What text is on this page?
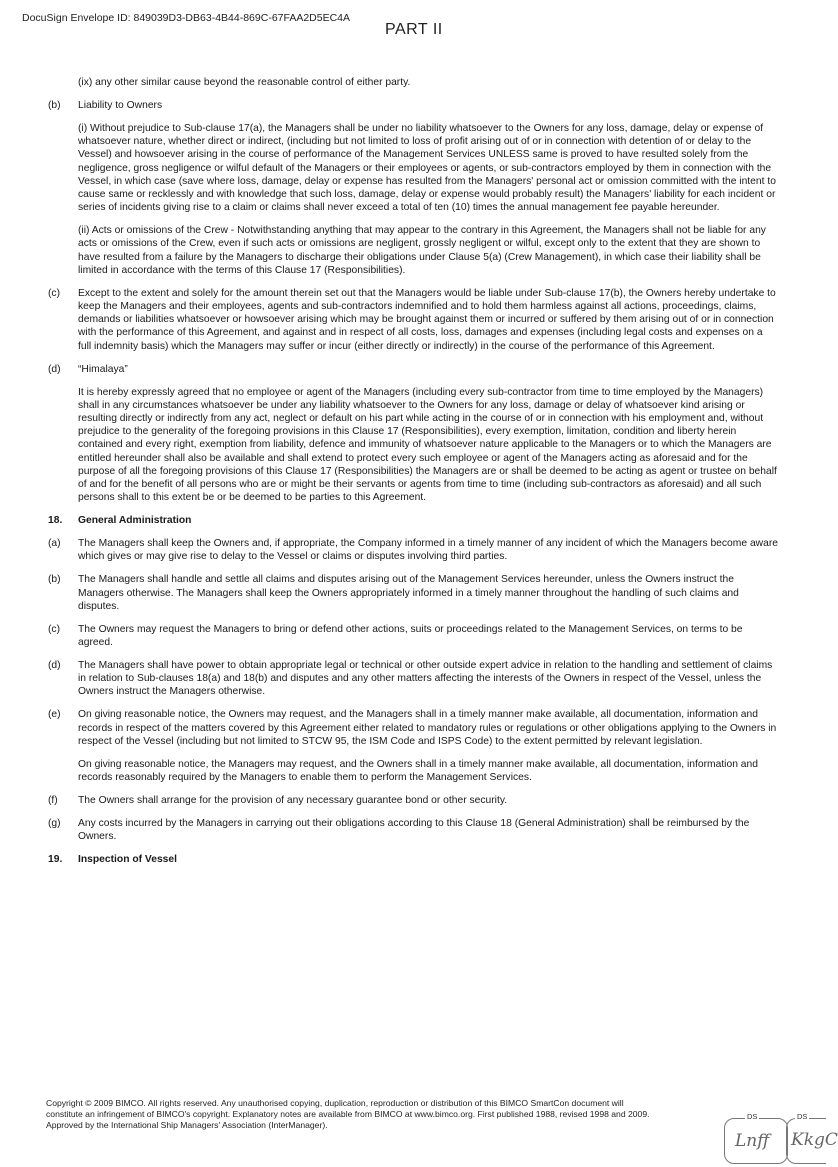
DocuSign Envelope ID: 849039D3-DB63-4B44-869C-67FAA2D5EC4A
PART II
(ix) any other similar cause beyond the reasonable control of either party.
(b)	Liability to Owners
(i) Without prejudice to Sub-clause 17(a), the Managers shall be under no liability whatsoever to the Owners for any loss, damage, delay or expense of whatsoever nature, whether direct or indirect, (including but not limited to loss of profit arising out of or in connection with detention of or delay to the Vessel) and howsoever arising in the course of performance of the Management Services UNLESS same is proved to have resulted solely from the negligence, gross negligence or wilful default of the Managers or their employees or agents, or sub-contractors employed by them in connection with the Vessel, in which case (save where loss, damage, delay or expense has resulted from the Managers' personal act or omission committed with the intent to cause same or recklessly and with knowledge that such loss, damage, delay or expense would probably result) the Managers' liability for each incident or series of incidents giving rise to a claim or claims shall never exceed a total of ten (10) times the annual management fee payable hereunder.
(ii) Acts or omissions of the Crew - Notwithstanding anything that may appear to the contrary in this Agreement, the Managers shall not be liable for any acts or omissions of the Crew, even if such acts or omissions are negligent, grossly negligent or wilful, except only to the extent that they are shown to have resulted from a failure by the Managers to discharge their obligations under Clause 5(a) (Crew Management), in which case their liability shall be limited in accordance with the terms of this Clause 17 (Responsibilities).
(c)	Except to the extent and solely for the amount therein set out that the Managers would be liable under Sub-clause 17(b), the Owners hereby undertake to keep the Managers and their employees, agents and sub-contractors indemnified and to hold them harmless against all actions, proceedings, claims, demands or liabilities whatsoever or howsoever arising which may be brought against them or incurred or suffered by them arising out of or in connection with the performance of this Agreement, and against and in respect of all costs, loss, damages and expenses (including legal costs and expenses on a full indemnity basis) which the Managers may suffer or incur (either directly or indirectly) in the course of the performance of this Agreement.
(d)	“Himalaya”
It is hereby expressly agreed that no employee or agent of the Managers (including every sub-contractor from time to time employed by the Managers) shall in any circumstances whatsoever be under any liability whatsoever to the Owners for any loss, damage or delay of whatsoever kind arising or resulting directly or indirectly from any act, neglect or default on his part while acting in the course of or in connection with his employment and, without prejudice to the generality of the foregoing provisions in this Clause 17 (Responsibilities), every exemption, limitation, condition and liberty herein contained and every right, exemption from liability, defence and immunity of whatsoever nature applicable to the Managers or to which the Managers are entitled hereunder shall also be available and shall extend to protect every such employee or agent of the Managers acting as aforesaid and for the purpose of all the foregoing provisions of this Clause 17 (Responsibilities) the Managers are or shall be deemed to be acting as agent or trustee on behalf of and for the benefit of all persons who are or might be their servants or agents from time to time (including sub-contractors as aforesaid) and all such persons shall to this extent be or be deemed to be parties to this Agreement.
18.	General Administration
(a)	The Managers shall keep the Owners and, if appropriate, the Company informed in a timely manner of any incident of which the Managers become aware which gives or may give rise to delay to the Vessel or claims or disputes involving third parties.
(b)	The Managers shall handle and settle all claims and disputes arising out of the Management Services hereunder, unless the Owners instruct the Managers otherwise. The Managers shall keep the Owners appropriately informed in a timely manner throughout the handling of such claims and disputes.
(c)	The Owners may request the Managers to bring or defend other actions, suits or proceedings related to the Management Services, on terms to be agreed.
(d)	The Managers shall have power to obtain appropriate legal or technical or other outside expert advice in relation to the handling and settlement of claims in relation to Sub-clauses 18(a) and 18(b) and disputes and any other matters affecting the interests of the Owners in respect of the Vessel, unless the Owners instruct the Managers otherwise.
(e)	On giving reasonable notice, the Owners may request, and the Managers shall in a timely manner make available, all documentation, information and records in respect of the matters covered by this Agreement either related to mandatory rules or regulations or other obligations applying to the Owners in respect of the Vessel (including but not limited to STCW 95, the ISM Code and ISPS Code) to the extent permitted by relevant legislation.
On giving reasonable notice, the Managers may request, and the Owners shall in a timely manner make available, all documentation, information and records reasonably required by the Managers to enable them to perform the Management Services.
(f)	The Owners shall arrange for the provision of any necessary guarantee bond or other security.
(g)	Any costs incurred by the Managers in carrying out their obligations according to this Clause 18 (General Administration) shall be reimbursed by the Owners.
19.	Inspection of Vessel
Copyright © 2009 BIMCO. All rights reserved. Any unauthorised copying, duplication, reproduction or distribution of this BIMCO SmartCon document will
constitute an infringement of BIMCO's copyright. Explanatory notes are available from BIMCO at www.bimco.org. First published 1988, revised 1998 and 2009.
Approved by the International Ship Managers' Association (InterManager).
DS
Lnff
DS
KkgC
